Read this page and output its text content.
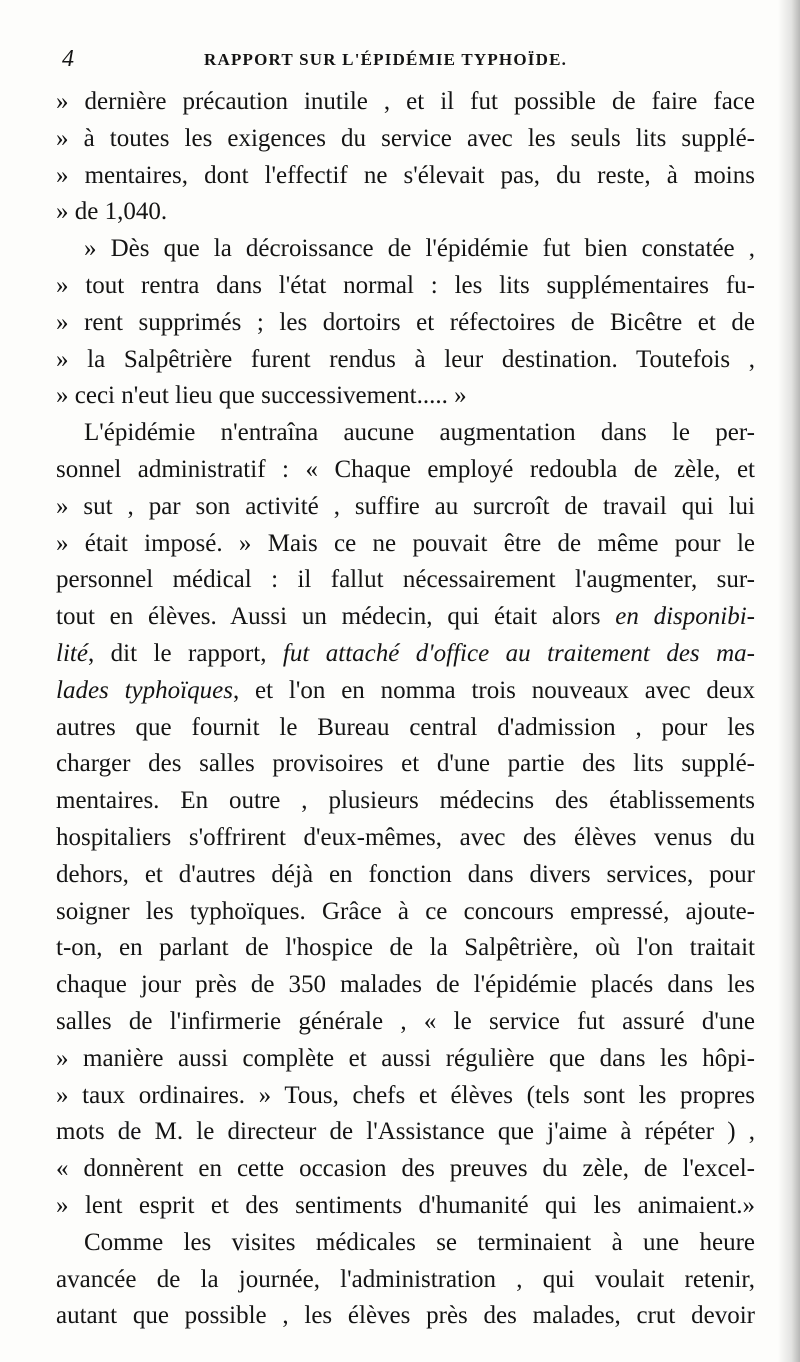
4	RAPPORT SUR L'ÉPIDÉMIE TYPHOÏDE.
» dernière précaution inutile , et il fut possible de faire face
» à toutes les exigences du service avec les seuls lits supplé-
» mentaires, dont l'effectif ne s'élevait pas, du reste, à moins
» de 1,040.
» Dès que la décroissance de l'épidémie fut bien constatée ,
» tout rentra dans l'état normal : les lits supplémentaires fu-
» rent supprimés ; les dortoirs et réfectoires de Bicêtre et de
» la Salpêtrière furent rendus à leur destination. Toutefois ,
» ceci n'eut lieu que successivement..... »
L'épidémie n'entraîna aucune augmentation dans le per-
sonnel administratif : « Chaque employé redoubla de zèle, et
» sut , par son activité , suffire au surcroît de travail qui lui
» était imposé. » Mais ce ne pouvait être de même pour le
personnel médical : il fallut nécessairement l'augmenter, sur-
tout en élèves. Aussi un médecin, qui était alors en disponibi-
lité, dit le rapport, fut attaché d'office au traitement des ma-
lades typhoïques, et l'on en nomma trois nouveaux avec deux
autres que fournit le Bureau central d'admission , pour les
charger des salles provisoires et d'une partie des lits supplé-
mentaires. En outre , plusieurs médecins des établissements
hospitaliers s'offrirent d'eux-mêmes, avec des élèves venus du
dehors, et d'autres déjà en fonction dans divers services, pour
soigner les typhoïques. Grâce à ce concours empressé, ajoute-
t-on, en parlant de l'hospice de la Salpêtrière, où l'on traitait
chaque jour près de 350 malades de l'épidémie placés dans les
salles de l'infirmerie générale , « le service fut assuré d'une
» manière aussi complète et aussi régulière que dans les hôpi-
» taux ordinaires. » Tous, chefs et élèves (tels sont les propres
mots de M. le directeur de l'Assistance que j'aime à répéter ) ,
« donnèrent en cette occasion des preuves du zèle, de l'excel-
» lent esprit et des sentiments d'humanité qui les animaient.»
Comme les visites médicales se terminaient à une heure
avancée de la journée, l'administration , qui voulait retenir,
autant que possible , les élèves près des malades, crut devoir
